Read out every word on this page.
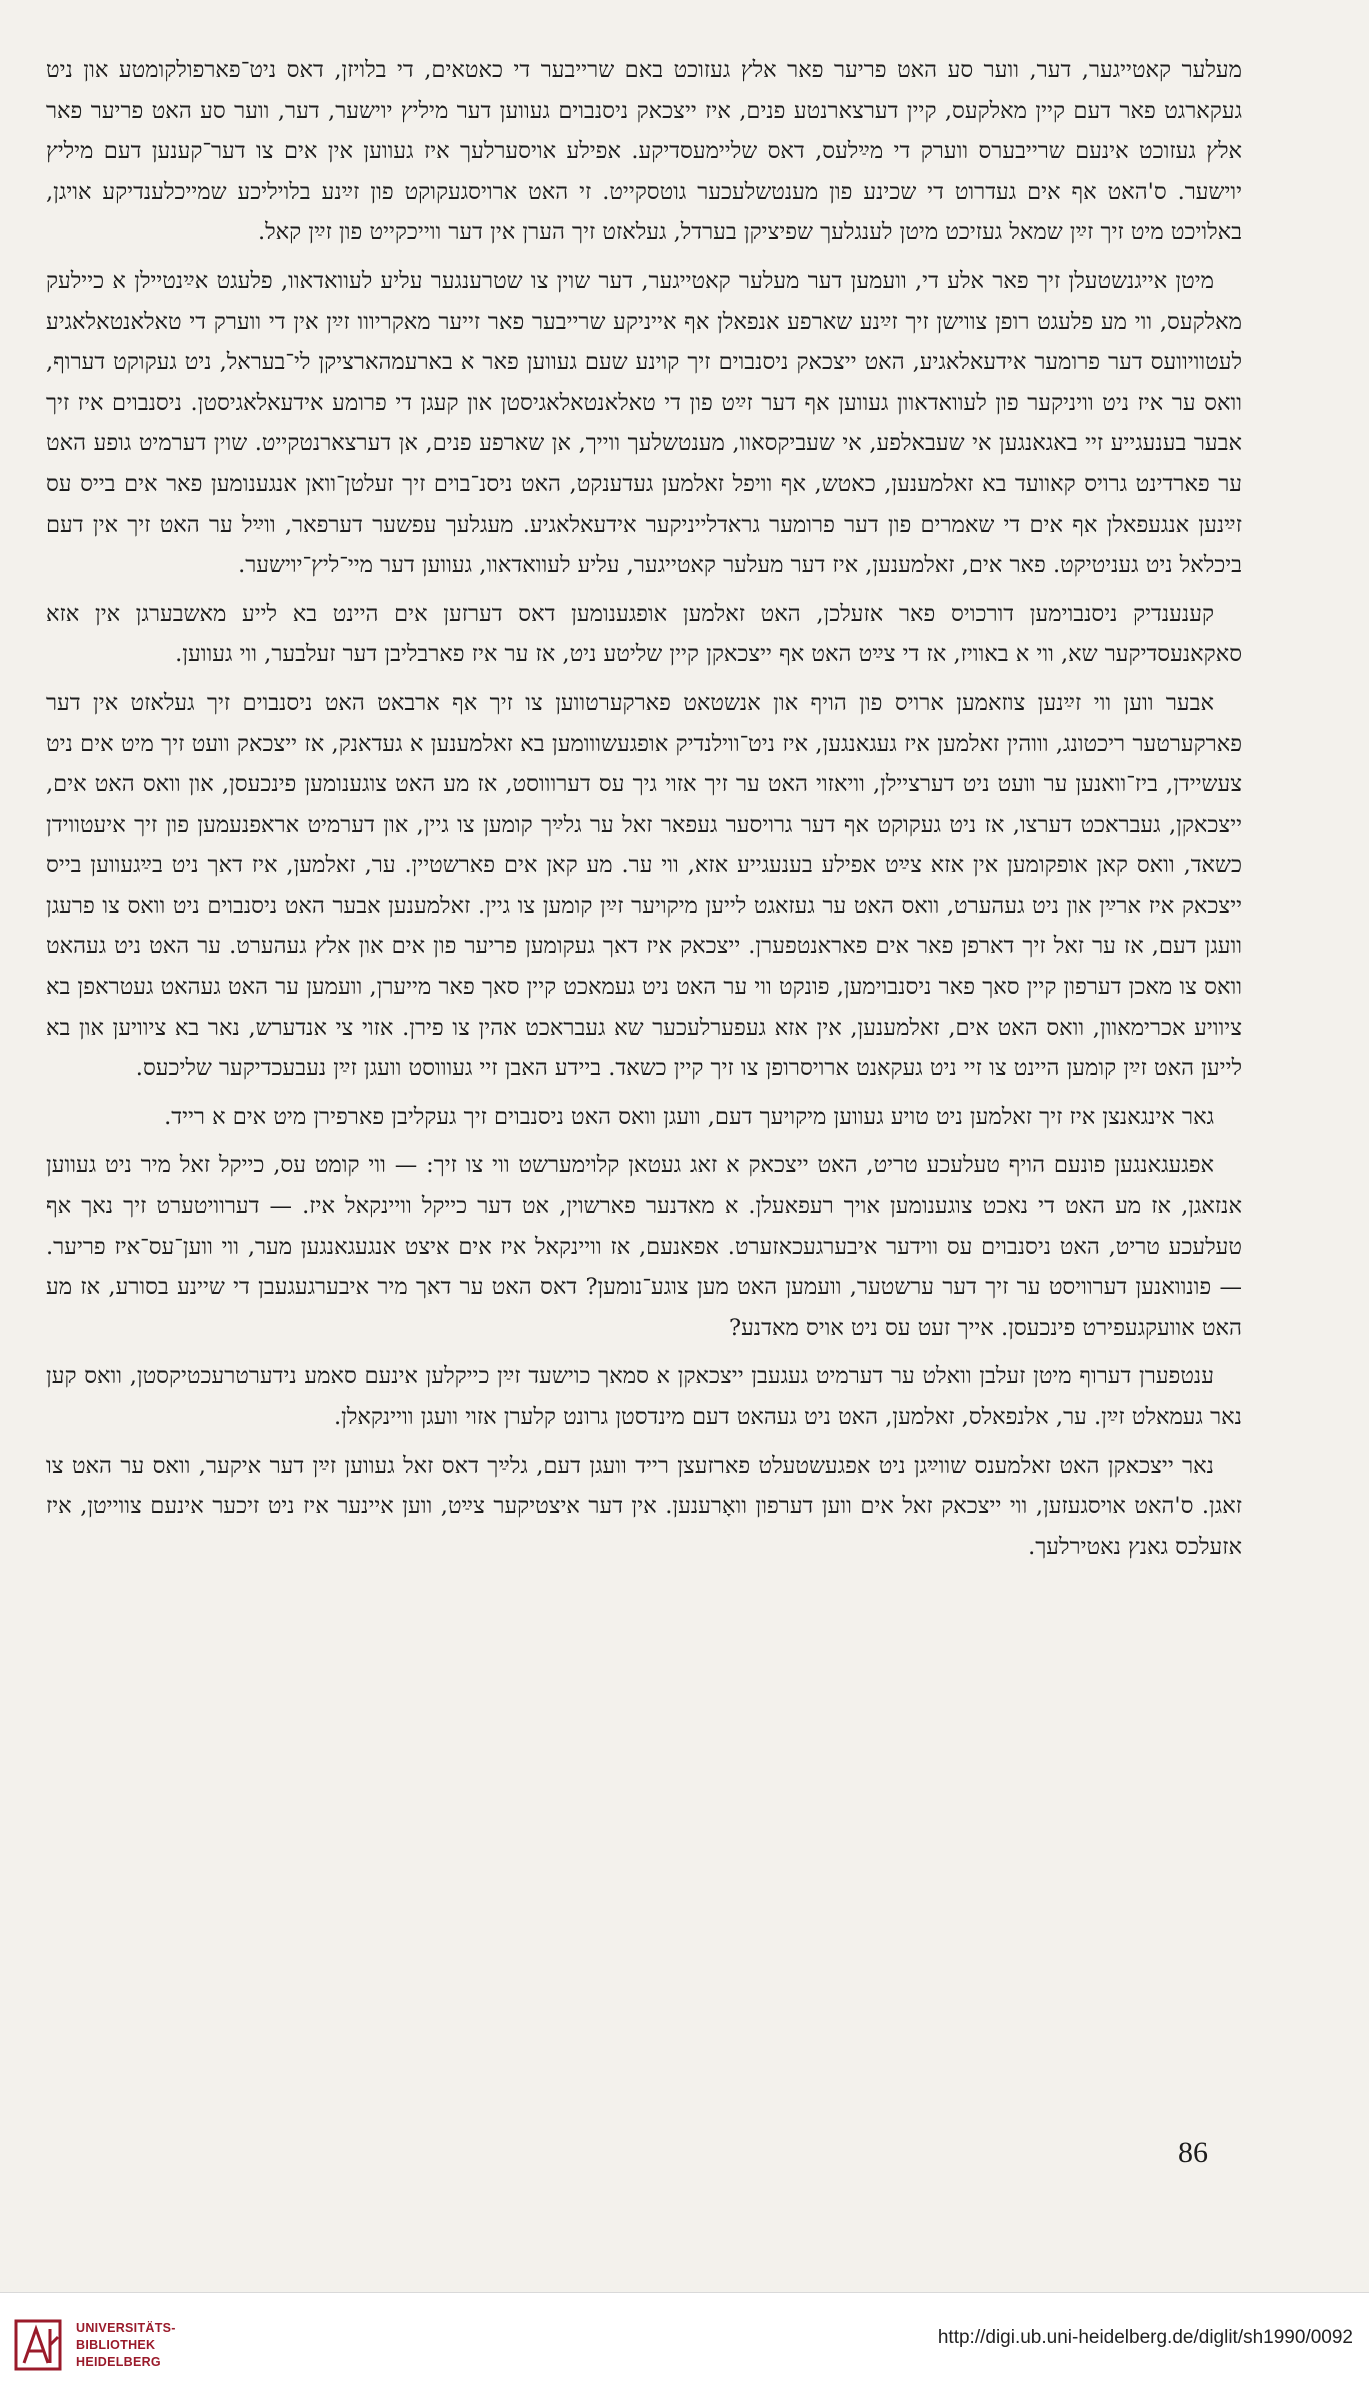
מעלער קאטייגער, דער, ווער סע האט פריער פאר אלץ געזוכט באם שרייבער די כאטאים, די בלויזן, דאס ניט־פארפולקומטע און ניט געקארגט פאר דעם קיין מאלקעס, קיין דערצארנטע פנים, איז ייצכאק ניסנבוים געווען דער מיליץ יוישער, דער, ווער סע האט פריער פאר אלץ געזוכט אינעם שרייבערס ווערק די מײַלעס, דאס שליימעסדיקע. אפילע אויסערלעך איז געווען אין אים צו דער־קענען דעם מיליץ יוישער. ס'האט אף אים געדרוט די שכינע פון מענטשלעכער גוטסקייט. זי האט ארויסגעקוקט פון זײַנע בלויליכע שמייכלענדיקע אויגן, באלויכט מיט זיך זײַן שמאל געזיכט מיטן לענגלעך שפיציקן בערדל, געלאזט זיך הערן אין דער ווייכקייט פון זײַן קאל.

מיטן אייגנשטעלן זיך פאר אלע די, וועמען דער מעלער קאטייגער, דער שוין צו שטרענגער עליע לעוואדאוו, פלעגט אײַנטיילן א כיילעק מאלקעס, ווי מע פלעגט רופן צווישן זיך זײַנע שארפע אנפאלן אף אייניקע שרייבער פאר זייער מאקריווו זײַן אין די ווערק די טאלאנטאלאגיע לעטוויוועס דער פרומער אידעאלאגיע, האט ייצכאק ניסנבוים זיך קוינע שעם געווען פאר א בארעמהארציקן לי־בעראל, ניט געקוקט דערוף, וואס ער איז ניט וויניקער פון לעוואדאוון געווען אף דער זײַט פון די טאלאנטאלאגיסטן און קעגן די פרומע אידעאלאגיסטן. ניסנבוים איז זיך אבער בענעגייע זיי באגאנגען אי שעבאלפע, אי שעביקסאוו, מענטשלעך ווייך, אן שארפע פנים, אן דערצארנטקייט. שוין דערמיט גופע האט ער פארדינט גרויס קאוועד בא זאלמענען, כאטש, אף וויפל זאלמען געדענקט, האט ניסנ־בוים זיך זעלטן־וואן אנגענומען פאר אים בייס עס זײַנען אנגעפאלן אף אים די שאמרים פון דער פרומער גראדלייניקער אידעאלאגיע. מעגלעך עפשער דערפאר, ווײַל ער האט זיך אין דעם ביכלאל ניט געניטיקט. פאר אים, זאלמענען, איז דער מעלער קאטייגער, עליע לעוואדאוו, געווען דער מיי־ליץ־יוישער.

קענענדיק ניסנבוימען דורכויס פאר אזעלכן, האט זאלמען אופגענומען דאס דערזען אים היינט בא לייע מאשבערגן אין אזא סאקאנעסדיקער שא, ווי א באוויז, אז די צײַט האט אף ייצכאקן קיין שליטע ניט, אז ער איז פארבליבן דער זעלבער, ווי געווען.

אבער ווען ווי זײַנען צוזאמען ארויס פון הויף און אנשטאט פארקערטווען צו זיך אף ארבאט האט ניסנבוים זיך געלאזט אין דער פארקערטער ריכטונג, וווהין זאלמען איז געגאנגען, איז ניט־ווילנדיק אופגעשווומען בא זאלמענען א געדאנק, אז ייצכאק וועט זיך מיט אים ניט צעשיידן, ביז־וואנען ער וועט ניט דערציילן, וויאזוי האט ער זיך אזוי גיך עס דערוווסט, אז מע האט צוגענומען פינכעסן, און וואס האט אים, ייצכאקן, געבראכט דערצו, אז ניט געקוקט אף דער גרויסער געפאר זאל ער גלײַך קומען צו גיין, און דערמיט אראפנעמען פון זיך איעטווידן כשאד, וואס קאן אופקומען אין אזא צײַט אפילע בענעגייע אזא, ווי ער. מע קאן אים פארשטיין. ער, זאלמען, איז דאך ניט בײַגעווען בייס ייצכאק איז ארײַן און ניט געהערט, וואס האט ער געזאגט לייען מיקויער זײַן קומען צו גיין. זאלמענען אבער האט ניסנבוים ניט וואס צו פרעגן וועגן דעם, אז ער זאל זיך דארפן פאר אים פאראנטפערן. ייצכאק איז דאך געקומען פריער פון אים און אלץ געהערט. ער האט ניט געהאט וואס צו מאכן דערפון קיין סאך פאר ניסנבוימען, פונקט ווי ער האט ניט געמאכט קיין סאך פאר מייערן, וועמען ער האט געהאט געטראפן בא ציוויע אכרימאוון, וואס האט אים, זאלמענען, אין אזא געפערלעכער שא געבראכט אהין צו פירן. אזוי צי אנדערש, נאר בא ציוויען און בא לייען האט זײַן קומען היינט צו זיי ניט געקאנט ארויסרופן צו זיך קיין כשאד. ביידע האבן זיי געוווסט וועגן זײַן נעבעכדיקער שליכעס.

גאר אינגאנצן איז זיך זאלמען ניט טויע געווען מיקויעך דעם, וועגן וואס האט ניסנבוים זיך געקליבן פארפירן מיט אים א רייד.

אפגעגאנגען פונעם הויף טעלעכע טריט, האט ייצכאק א זאג געטאן קלוימערשט ווי צו זיך: — ווי קומט עס, כייקל זאל מיר ניט געווען אנזאגן, אז מע האט די נאכט צוגענומען אויך רעפאעלן. א מאדנער פארשוין, אט דער כייקל וויינקאל איז. — דערוויטערט זיך נאך אף טעלעכע טריט, האט ניסנבוים עס ווידער איבערגעכאזערט. אפאנעם, אז וויינקאל איז אים איצט אנגעגאנגען מער, ווי ווען־עס־איז פריער. — פונוואנען דערוויסט ער זיך דער ערשטער, וועמען האט מען צוגע־נומען? דאס האט ער דאך מיר איבערגעגעבן די שיינע בסורע, אז מע האט אוועקגעפירט פינכעסן. אייך זעט עס ניט אויס מאדנע?

ענטפערן דערוף מיטן זעלבן וואלט ער דערמיט געגעבן ייצכאקן א סמאך כוישעד זײַן כייקלען אינעם סאמע נידערטרעכטיקסטן, וואס קען נאר געמאלט זײַן. ער, אלנפאלס, זאלמען, האט ניט געהאט דעם מינדסטן גרונט קלערן אזוי וועגן וויינקאלן.

נאר ייצכאקן האט זאלמענס שווײַגן ניט אפגעשטעלט פארזעצן רייד וועגן דעם, גלײַך דאס זאל געווען זײַן דער איקער, וואס ער האט צו זאגן. ס'האט אויסגעזען, ווי ייצכאק זאל אים ווען דערפון וואָרענען. אין דער איצטיקער צײַט, ווען איינער איז ניט זיכער אינעם צווייטן, איז אזעלכס גאנץ נאטירלעך.

86
UNIVERSITÄTS-
BIBLIOTHEK
HEIDELBERG
http://digi.ub.uni-heidelberg.de/diglit/sh1990/0092
